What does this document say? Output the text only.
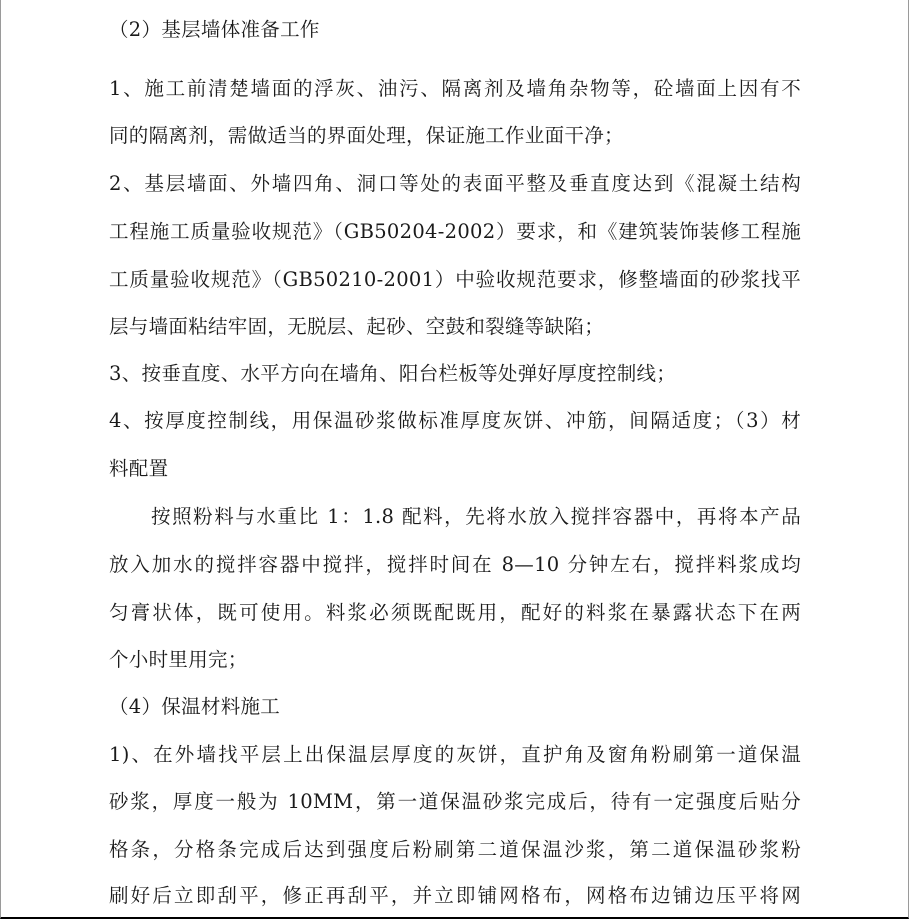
（2）基层墙体准备工作
1、施工前清楚墙面的浮灰、油污、隔离剂及墙角杂物等，砼墙面上因有不
同的隔离剂，需做适当的界面处理，保证施工作业面干净；
2、基层墙面、外墙四角、洞口等处的表面平整及垂直度达到《混凝土结构
工程施工质量验收规范》（GB50204-2002）要求，和《建筑装饰装修工程施
工质量验收规范》（GB50210-2001）中验收规范要求，修整墙面的砂浆找平
层与墙面粘结牢固，无脱层、起砂、空鼓和裂缝等缺陷；
3、按垂直度、水平方向在墙角、阳台栏板等处弹好厚度控制线；
4、按厚度控制线，用保温砂浆做标准厚度灰饼、冲筋，间隔适度；（3）材
料配置
按照粉料与水重比 1：1.8 配料，先将水放入搅拌容器中，再将本产品
放入加水的搅拌容器中搅拌，搅拌时间在 8—10 分钟左右，搅拌料浆成均
匀膏状体，既可使用。料浆必须既配既用，配好的料浆在暴露状态下在两
个小时里用完；
（4）保温材料施工
1)、在外墙找平层上出保温层厚度的灰饼，直护角及窗角粉刷第一道保温
砂浆，厚度一般为 10MM，第一道保温砂浆完成后，待有一定强度后贴分
格条，分格条完成后达到强度后粉刷第二道保温沙浆，第二道保温砂浆粉
刷好后立即刮平，修正再刮平，并立即铺网格布，网格布边铺边压平将网
